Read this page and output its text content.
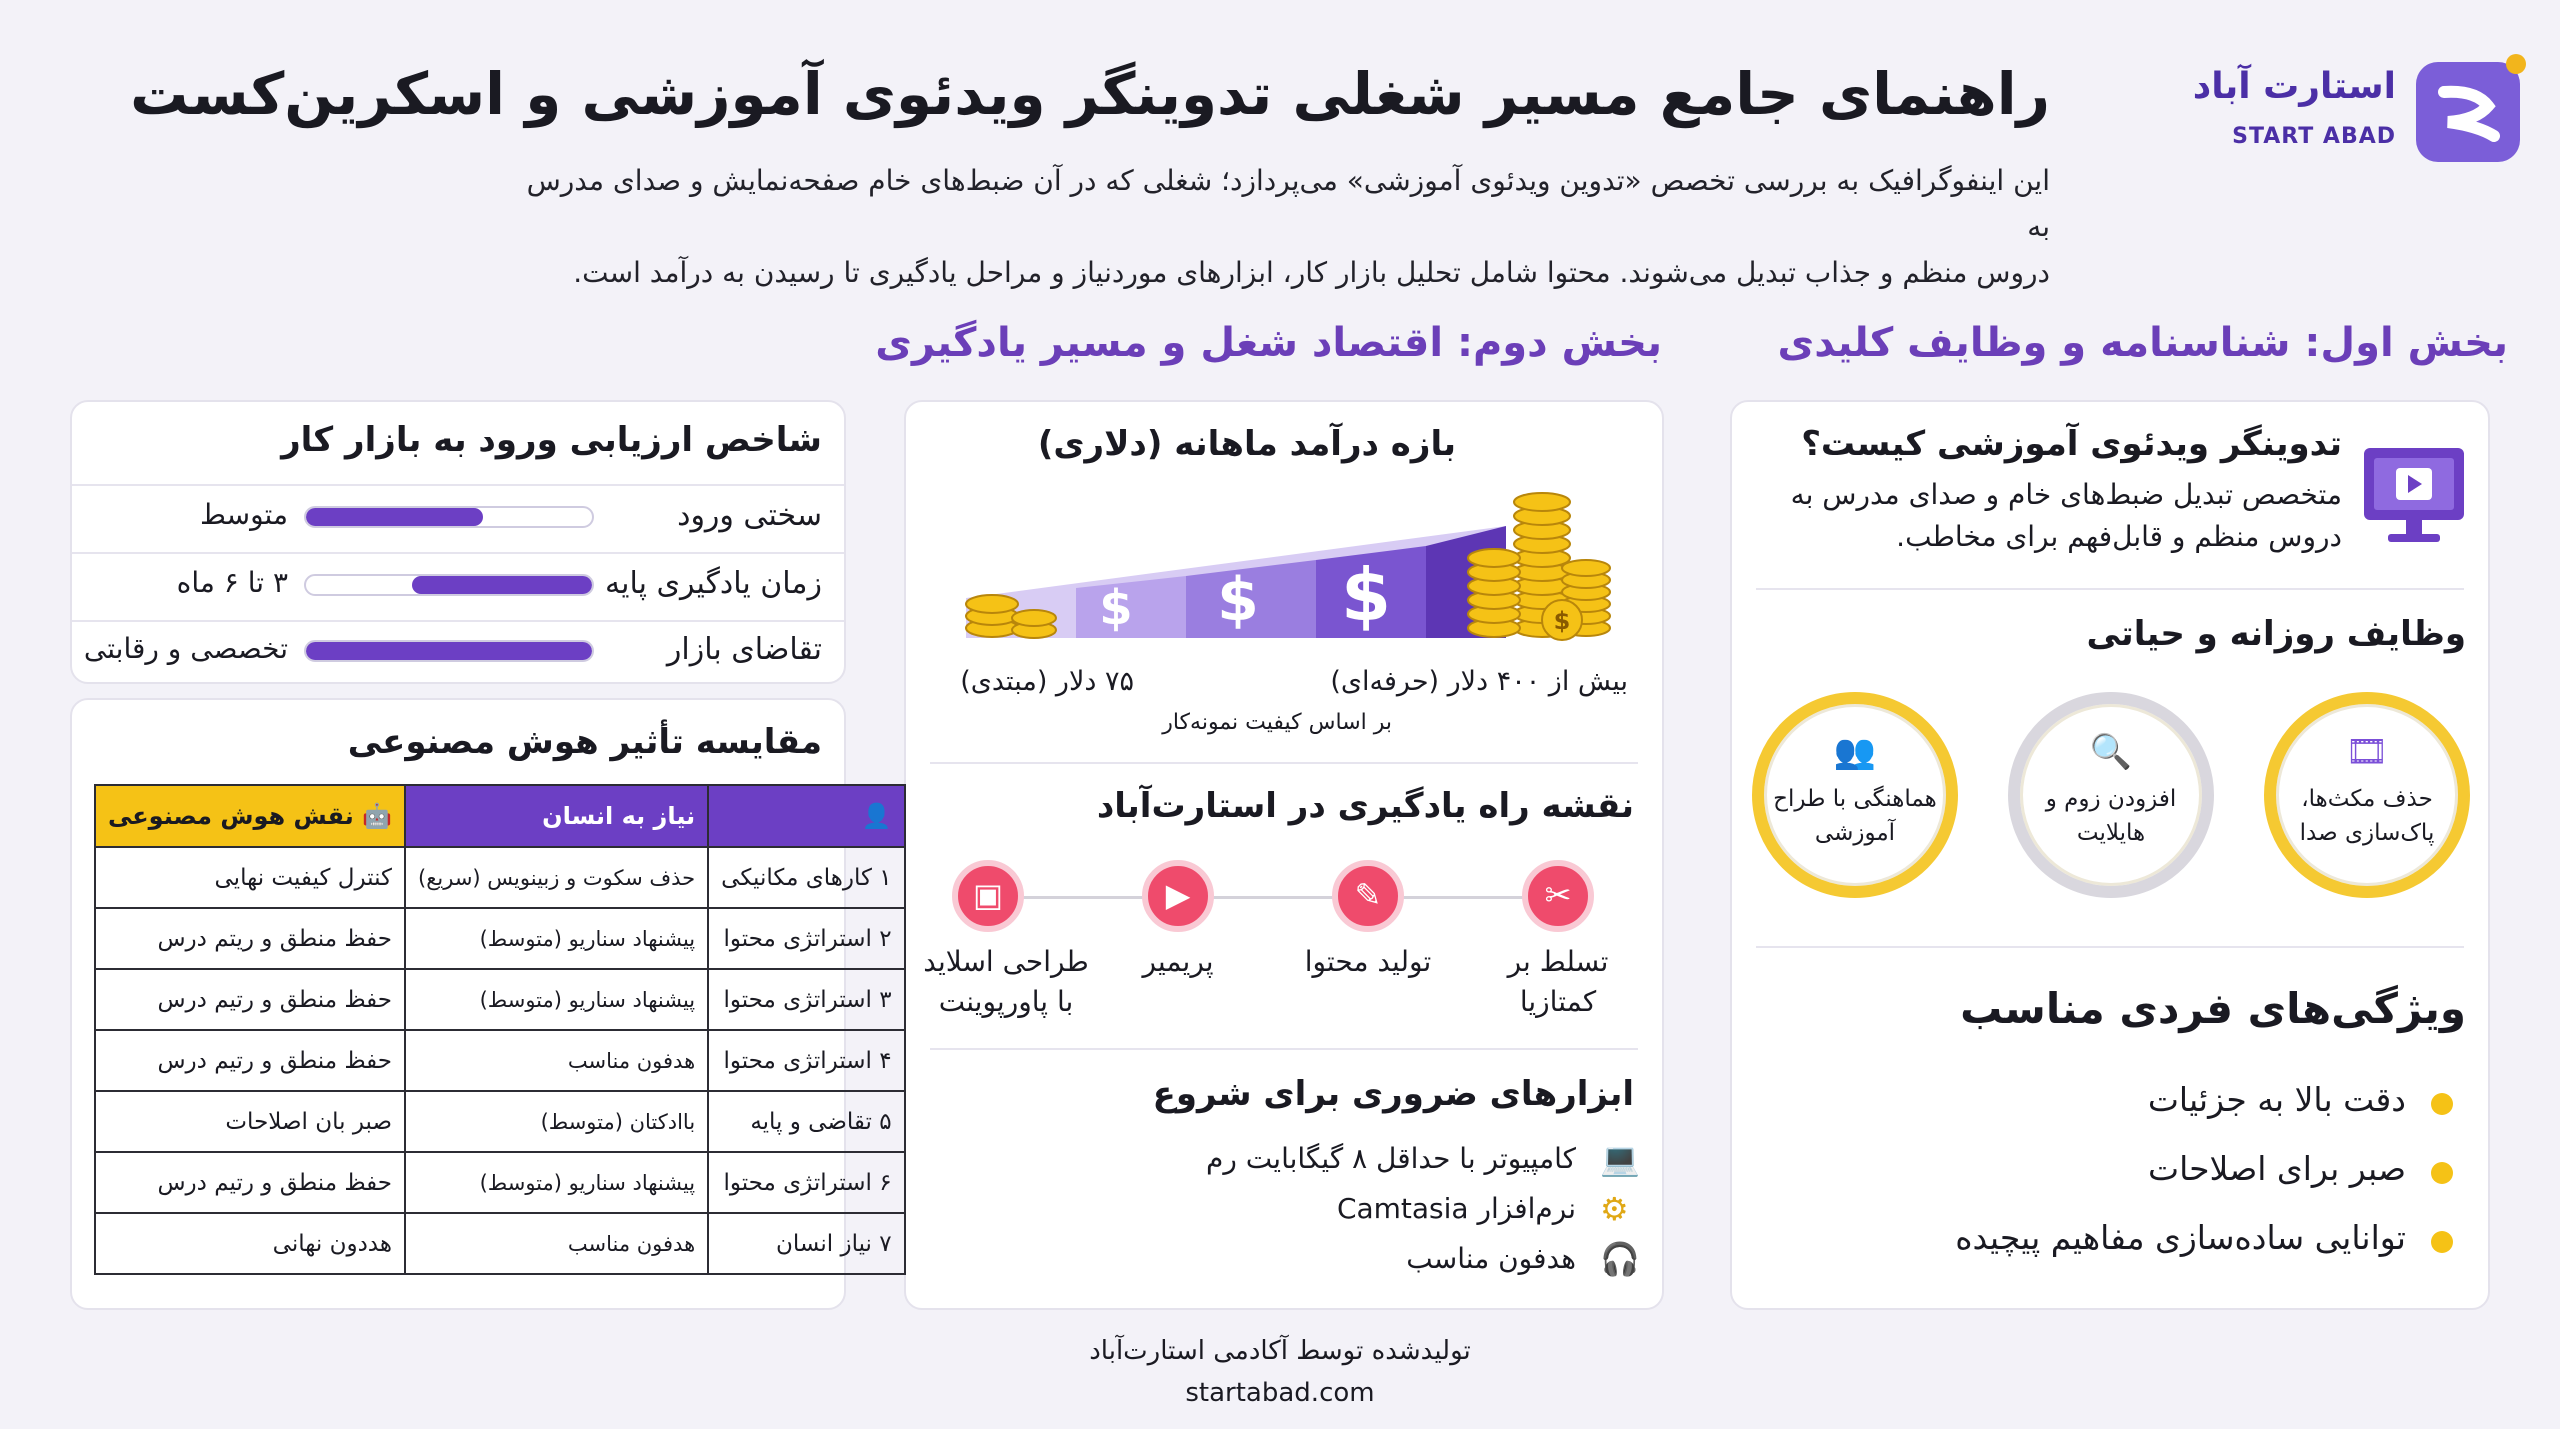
راهنمای جامع مسیر شغلی تدوینگر ویدئوی آموزشی و اسکرین‌کست
این اینفوگرافیک به بررسی تخصص «تدوین ویدئوی آموزشی» می‌پردازد؛ شغلی که در آن ضبط‌های خام صفحه‌نمایش و صدای مدرس به
دروس منظم و جذاب تبدیل می‌شوند. محتوا شامل تحلیل بازار کار، ابزارهای موردنیاز و مراحل یادگیری تا رسیدن به درآمد است.
استارت آباد
START ABAD
بخش اول: شناسنامه و وظایف کلیدی
بخش دوم: اقتصاد شغل و مسیر یادگیری
تدوینگر ویدئوی آموزشی کیست؟
متخصص تبدیل ضبط‌های خام و صدای مدرس به
دروس منظم و قابل‌فهم برای مخاطب.
وظایف روزانه و حیاتی
🎞
حذف مکث‌ها،
پاک‌سازی صدا
🔍
افزودن زوم و
هایلایت
👥
هماهنگی با طراح
آموزشی
ویژگی‌های فردی مناسب
دقت بالا به جزئیات
صبر برای اصلاحات
توانایی ساده‌سازی مفاهیم پیچیده
بازه درآمد ماهانه (دلاری)
$ $ $	$
بیش از ۴۰۰ دلار (حرفه‌ای)
۷۵ دلار (مبتدی)
بر اساس کیفیت نمونه‌کار
نقشه راه یادگیری در استارت‌آباد
✂
✎
▶
▣
تسلط بر
کمتازیا
تولید محتوا
پریمیر
طراحی اسلاید
با پاورپوینت
ابزارهای ضروری برای شروع
💻
کامپیوتر با حداقل ۸ گیگابایت رم
⚙
نرم‌افزار Camtasia
🎧
هدفون مناسب
شاخص ارزیابی ورود به بازار کار
سختی ورود
متوسط
زمان یادگیری پایه
۳ تا ۶ ماه
تقاضای بازار
تخصصی و رقابتی
مقایسه تأثیر هوش مصنوعی
👤	نیاز به انسان	🤖 نقش هوش مصنوعی
۱ کارهای مکانیکی	حذف سکوت و زبینویس (سریع)	کنترل کیفیت نهایی
۲ استراتژی محتوا	پیشنهاد سناریو (متوسط)	حفظ منطق و ریتم درس
۳ استراتژی محتوا	پیشنهاد سناریو (متوسط)	حفظ منطق و رتیم درس
۴ استراتژی محتوا	هدفون مناسب	حفظ منطق و رتیم درس
۵ تقاضی و پایه	باادکتان (متوسط)	صبر بان اصلاحات
۶ استراتژی محتوا	پیشنهاد سناریو (متوسط)	حفظ منطق و رتیم درس
۷ نیاز انسان	هدفون مناسب	هددون نهانی
تولیدشده توسط آکادمی استارت‌آباد
startabad.com
